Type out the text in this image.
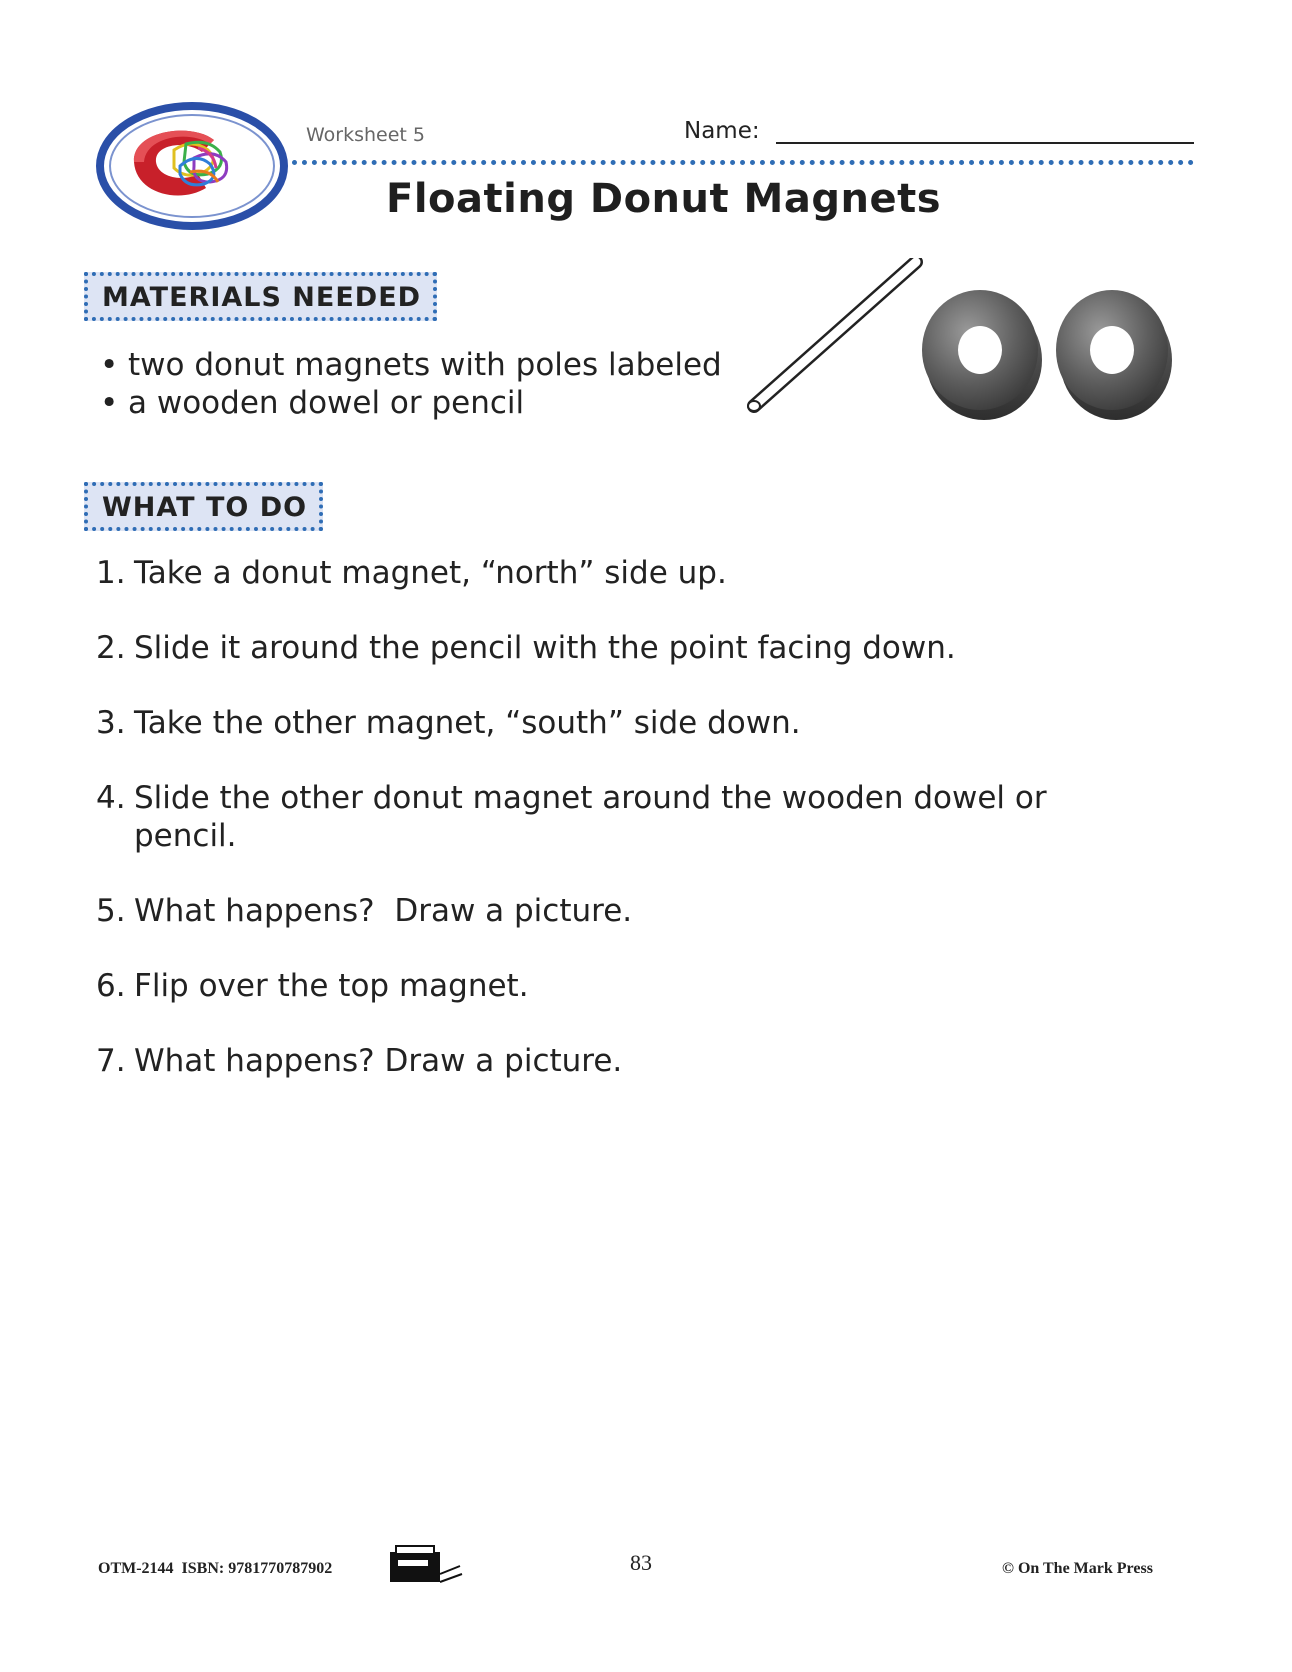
Worksheet 5	Name:
Floating Donut Magnets
MATERIALS NEEDED
• two donut magnets with poles labeled
• a wooden dowel or pencil
WHAT TO DO
1. Take a donut magnet, “north” side up.
2. Slide it around the pencil with the point facing down.
3. Take the other magnet, “south” side down.
4. Slide the other donut magnet around the wooden dowel or pencil.
5. What happens?  Draw a picture.
6. Flip over the top magnet.
7. What happens? Draw a picture.
OTM-2144  ISBN: 9781770787902	83	© On The Mark Press
